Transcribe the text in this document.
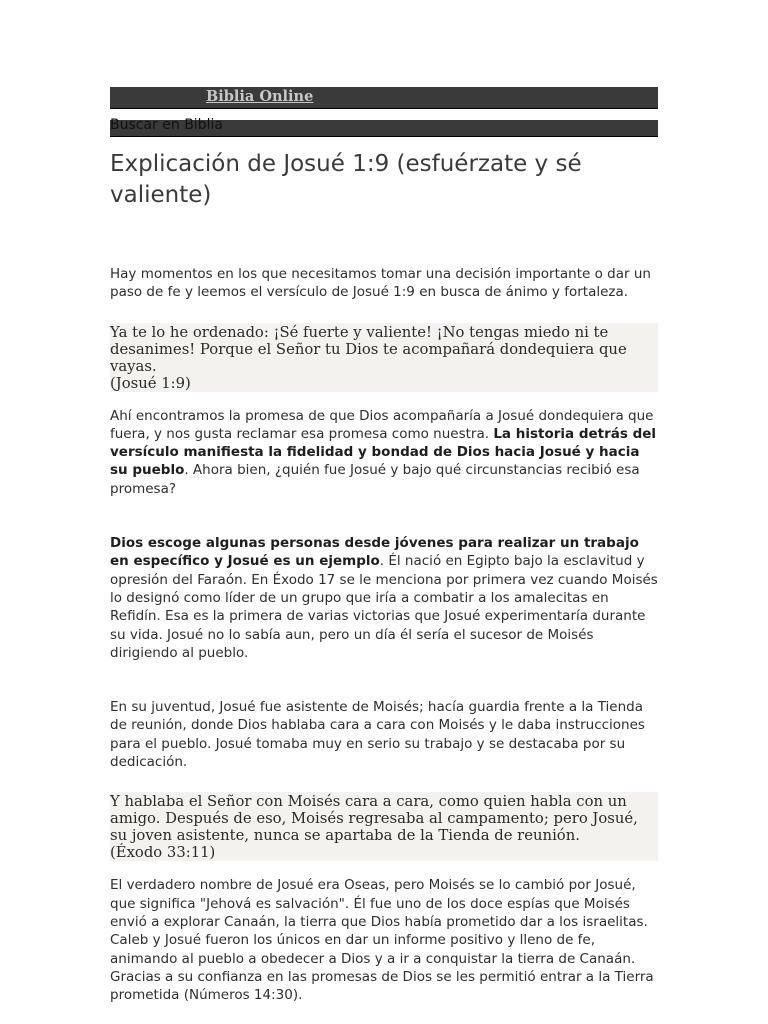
Biblia Online
Buscar en Biblia
Explicación de Josué 1:9 (esfuérzate y sé valiente)

Hay momentos en los que necesitamos tomar una decisión importante o dar un paso de fe y leemos el versículo de Josué 1:9 en busca de ánimo y fortaleza.

Ya te lo he ordenado: ¡Sé fuerte y valiente! ¡No tengas miedo ni te desanimes! Porque el Señor tu Dios te acompañará dondequiera que vayas.
(Josué 1:9)

Ahí encontramos la promesa de que Dios acompañaría a Josué dondequiera que fuera, y nos gusta reclamar esa promesa como nuestra. La historia detrás del versículo manifiesta la fidelidad y bondad de Dios hacia Josué y hacia su pueblo. Ahora bien, ¿quién fue Josué y bajo qué circunstancias recibió esa promesa?

Dios escoge algunas personas desde jóvenes para realizar un trabajo en específico y Josué es un ejemplo. Él nació en Egipto bajo la esclavitud y opresión del Faraón. En Éxodo 17 se le menciona por primera vez cuando Moisés lo designó como líder de un grupo que iría a combatir a los amalecitas en Refidín. Esa es la primera de varias victorias que Josué experimentaría durante su vida. Josué no lo sabía aun, pero un día él sería el sucesor de Moisés dirigiendo al pueblo.

En su juventud, Josué fue asistente de Moisés; hacía guardia frente a la Tienda de reunión, donde Dios hablaba cara a cara con Moisés y le daba instrucciones para el pueblo. Josué tomaba muy en serio su trabajo y se destacaba por su dedicación.

Y hablaba el Señor con Moisés cara a cara, como quien habla con un amigo. Después de eso, Moisés regresaba al campamento; pero Josué, su joven asistente, nunca se apartaba de la Tienda de reunión.
(Éxodo 33:11)

El verdadero nombre de Josué era Oseas, pero Moisés se lo cambió por Josué, que significa "Jehová es salvación". Él fue uno de los doce espías que Moisés envió a explorar Canaán, la tierra que Dios había prometido dar a los israelitas. Caleb y Josué fueron los únicos en dar un informe positivo y lleno de fe, animando al pueblo a obedecer a Dios y a ir a conquistar la tierra de Canaán. Gracias a su confianza en las promesas de Dios se les permitió entrar a la Tierra prometida (Números 14:30).
